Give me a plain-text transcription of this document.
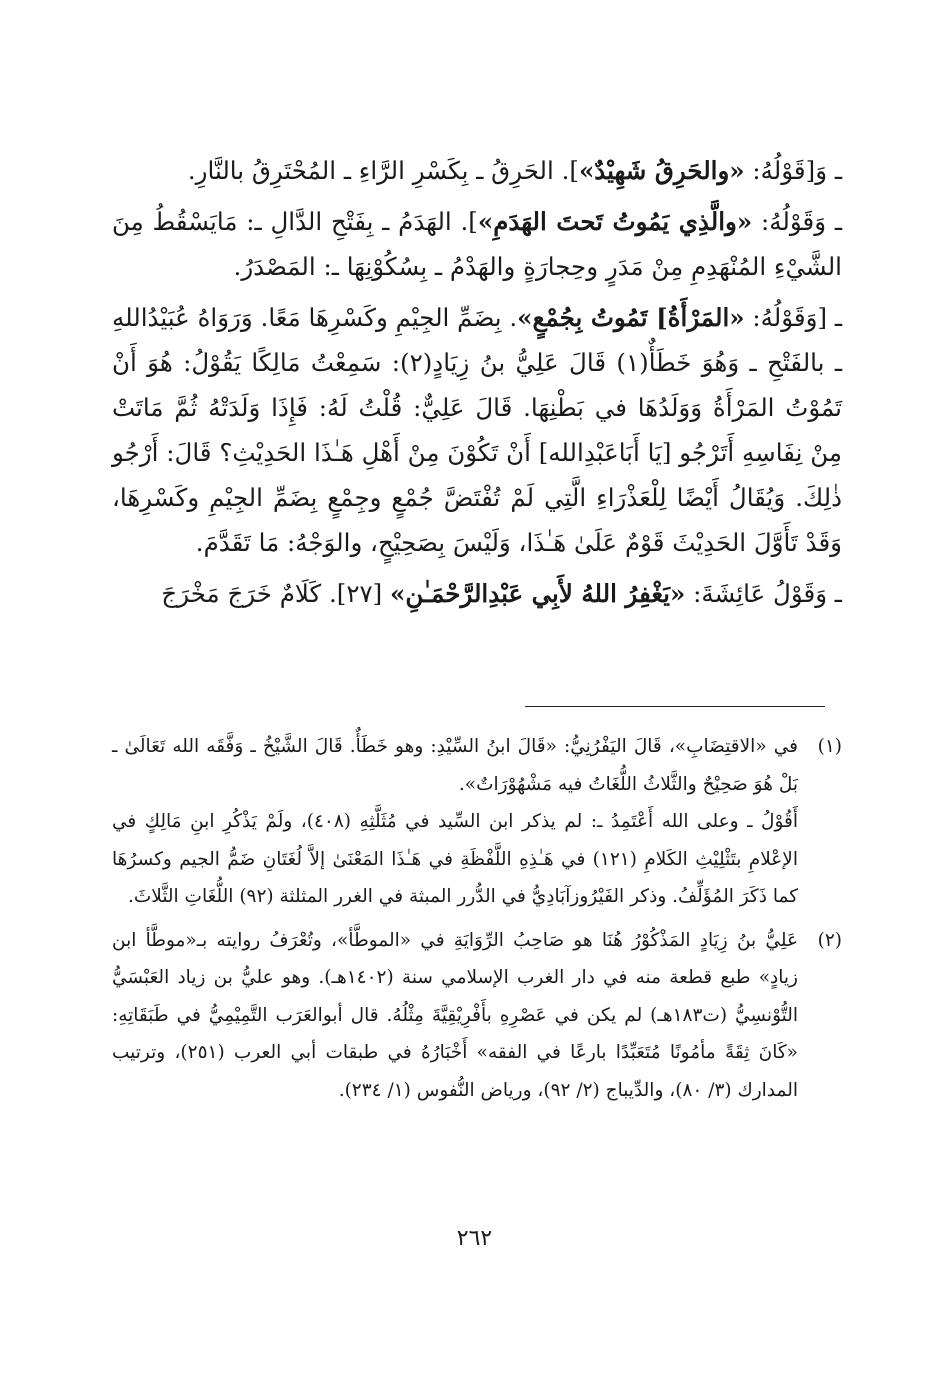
ـ وَ[قَوْلُهُ: «والحَرِقُ شَهِيْدٌ»]. الحَرِقُ ـ بِكَسْرِ الرَّاءِ ـ المُحْتَرِقُ بالنَّارِ.

ـ وَقَوْلُهُ: «والَّذِي يَمُوتُ تَحتَ الهَدَمِ»]. الهَدَمُ ـ بِفَتْحِ الدَّالِ ـ: مَايَسْقُطُ مِنَ الشَّيْءِ المُنْهَدِمِ مِنْ مَدَرٍ وحِجارَةٍ والهَدْمُ ـ بِسُكُوْنِهَا ـ: المَصْدَرُ.

ـ [وَقَوْلُهُ: «المَرْأَةُ] تَمُوتُ بِجُمْعٍ». بِضَمِّ الجِيْمِ وكَسْرِهَا مَعًا. وَرَوَاهُ عُبَيْدُاللهِ ـ بالفَتْحِ ـ وَهُوَ خَطَأٌ(١) قَالَ عَلِيُّ بنُ زِيَادٍ(٢): سَمِعْتُ مَالِكًا يَقُوْلُ: هُوَ أَنْ تَمُوْتُ المَرْأَةُ وَوَلَدُهَا في بَطْنِهَا. قَالَ عَلِيٌّ: قُلْتُ لَهُ: فَإِذَا وَلَدَتْهُ ثُمَّ مَاتَتْ مِنْ نِفَاسِهِ أَتَرْجُو [يَا أَبَاعَبْدِالله] أَنْ تَكُوْنَ مِنْ أَهْلِ هَـٰذَا الحَدِيْثِ؟ قَالَ: أَرْجُو ذٰلِكَ. وَيُقَالُ أَيْضًا لِلْعَذْرَاءِ الَّتِي لَمْ تُفْتَضَّ جُمْعٍ وجِمْعٍ بِضَمِّ الجِيْمِ وكَسْرِهَا، وَقَدْ تَأَوَّلَ الحَدِيْثَ قَوْمٌ عَلَىٰ هَـٰذَا، وَلَيْسَ بِصَحِيْحٍ، والوَجْهُ: مَا تَقَدَّمَ.

ـ وَقَوْلُ عَائِشَةَ: «يَغْفِرُ اللهُ لأَبِي عَبْدِالرَّحْمَـٰنِ» [٢٧]. كَلَامٌ خَرَجَ مَخْرَجَ

(١)

في «الاقتِضَابِ»، قَالَ اليَفْرُنِيُّ: «قَالَ ابنُ السِّيْدِ: وهو خَطَأٌ. قَالَ الشَّيْخُ ـ وَفَّقَه الله تَعَالَىٰ ـ بَلْ هُوَ صَحِيْحٌ والثَّلاثُ اللُّغَاتُ فيه مَشْهُوْرَاتٌ».

أَقُوْلُ ـ وعلى الله أَعْتَمِدُ ـ: لم يذكر ابن السِّيد في مُثَلَّثِهِ (٤٠٨)، ولَمْ يَذْكُرِ ابنِ مَالِكٍ في الإعْلامِ بتَثْلِيْثِ الكَلامِ (١٢١) في هَـٰذِهِ اللَّفْظَةِ في هَـٰذَا المَعْنَىٰ إلاَّ لُغَتَانِ ضَمُّ الجيم وكسرُهَا كما ذَكَرَ المُؤَلِّفُ. وذكر الفَيْرُوزآبَادِيُّ في الدُّرر المبثة في الغرر المثلثة (٩٢) اللُّغَاتِ الثَّلاثَ.

(٢)

عَلِيُّ بنُ زِيَادٍ المَذْكُوْرُ هُنَا هو صَاحِبُ الرِّوَايَةِ في «الموطَّأ»، وتُعْرَفُ روايته بـ«موطَّأ ابن زيادٍ» طبع قطعة منه في دار الغرب الإسلامي سنة (١٤٠٢هـ). وهو عليُّ بن زياد العَبْسَيُّ التُّوْنسِيُّ (ت١٨٣هـ) لم يكن في عَصْرِهِ بأَفْرِيْقِيَّةَ مِثْلُهُ. قال أبوالعَرَب التَّمِيْمِيُّ في طَبَقَاتِهِ: «كَانَ ثِقَةً مأمُونًا مُتَعَبِّدًا بارعًا في الفقه» أَخْبَارُهُ في طبقات أبي العرب (٢٥١)، وترتيب المدارك (٣/ ٨٠)، والدِّيباج (٢/ ٩٢)، ورياض النُّفوس (١/ ٢٣٤).

٢٦٢
